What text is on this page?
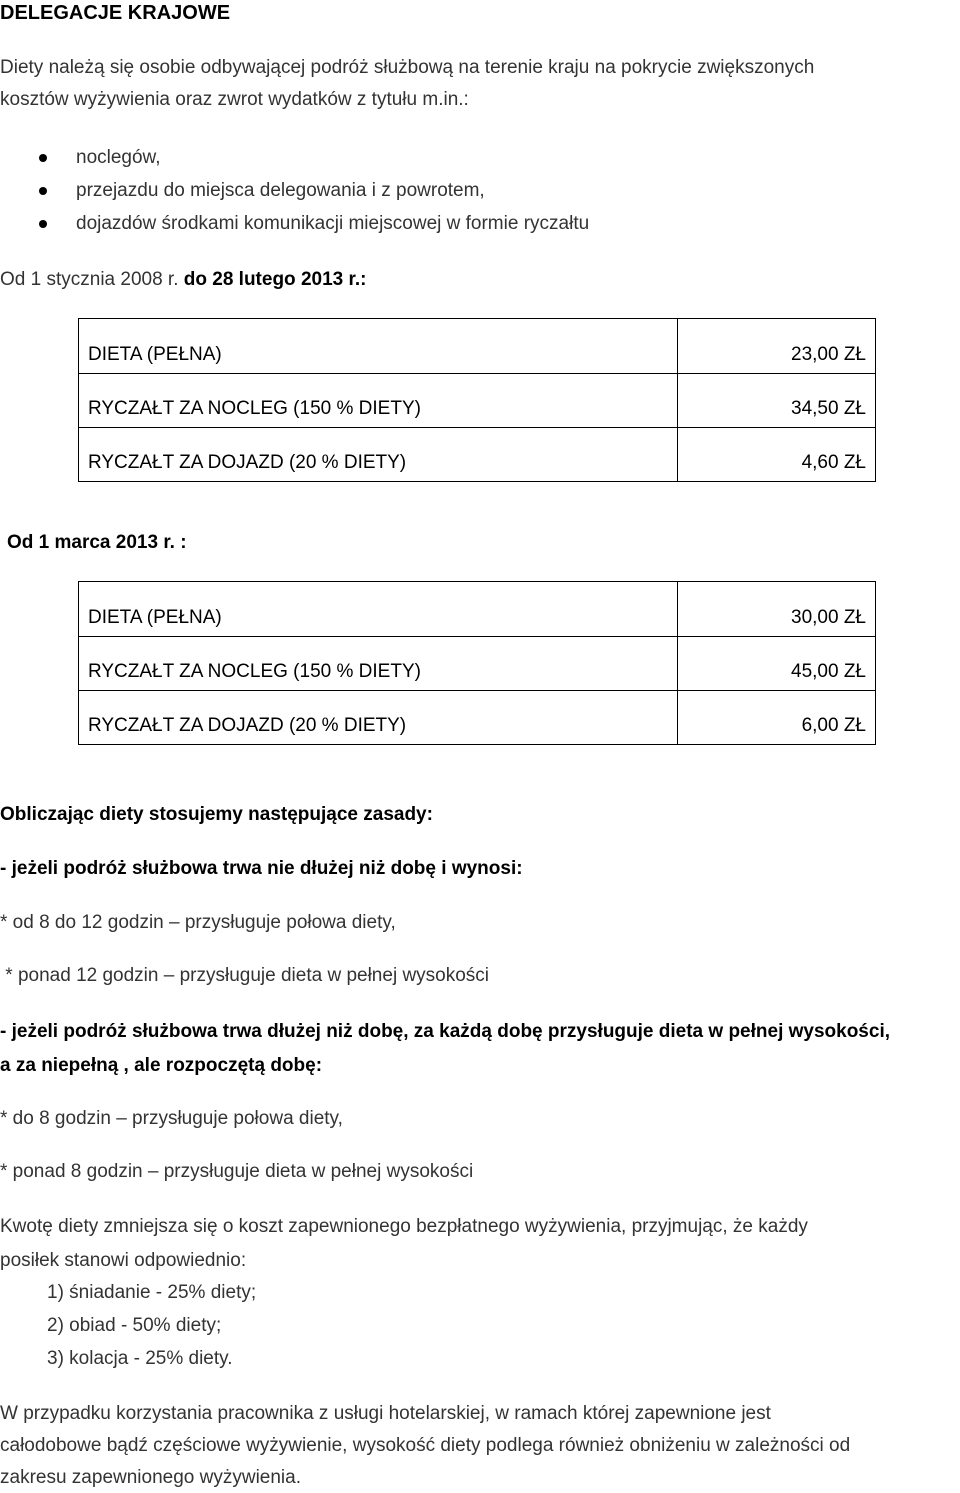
DELEGACJE KRAJOWE
Diety należą się osobie odbywającej podróż służbową na terenie kraju na pokrycie zwiększonych
kosztów wyżywienia oraz zwrot wydatków z tytułu m.in.:
noclegów,
przejazdu do miejsca delegowania i z powrotem,
dojazdów środkami komunikacji miejscowej w formie ryczałtu
Od 1 stycznia 2008 r. do 28 lutego 2013 r.:
DIETA (PEŁNA)	23,00 ZŁ
RYCZAŁT ZA NOCLEG (150 % DIETY)	34,50 ZŁ
RYCZAŁT ZA DOJAZD (20 % DIETY)	4,60 ZŁ
Od 1 marca 2013 r. :
DIETA (PEŁNA)	30,00 ZŁ
RYCZAŁT ZA NOCLEG (150 % DIETY)	45,00 ZŁ
RYCZAŁT ZA DOJAZD (20 % DIETY)	6,00 ZŁ
Obliczając diety stosujemy następujące zasady:
- jeżeli podróż służbowa trwa nie dłużej niż dobę i wynosi:
* od 8 do 12 godzin – przysługuje połowa diety,
* ponad 12 godzin – przysługuje dieta w pełnej wysokości
- jeżeli podróż służbowa trwa dłużej niż dobę, za każdą dobę przysługuje dieta w pełnej wysokości,
a za niepełną , ale rozpoczętą dobę:
* do 8 godzin – przysługuje połowa diety,
* ponad 8 godzin – przysługuje dieta w pełnej wysokości
Kwotę diety zmniejsza się o koszt zapewnionego bezpłatnego wyżywienia, przyjmując, że każdy
posiłek stanowi odpowiednio:
1) śniadanie - 25% diety;
2) obiad - 50% diety;
3) kolacja - 25% diety.
W przypadku korzystania pracownika z usługi hotelarskiej, w ramach której zapewnione jest
całodobowe bądź częściowe wyżywienie, wysokość diety podlega również obniżeniu w zależności od
zakresu zapewnionego wyżywienia.
